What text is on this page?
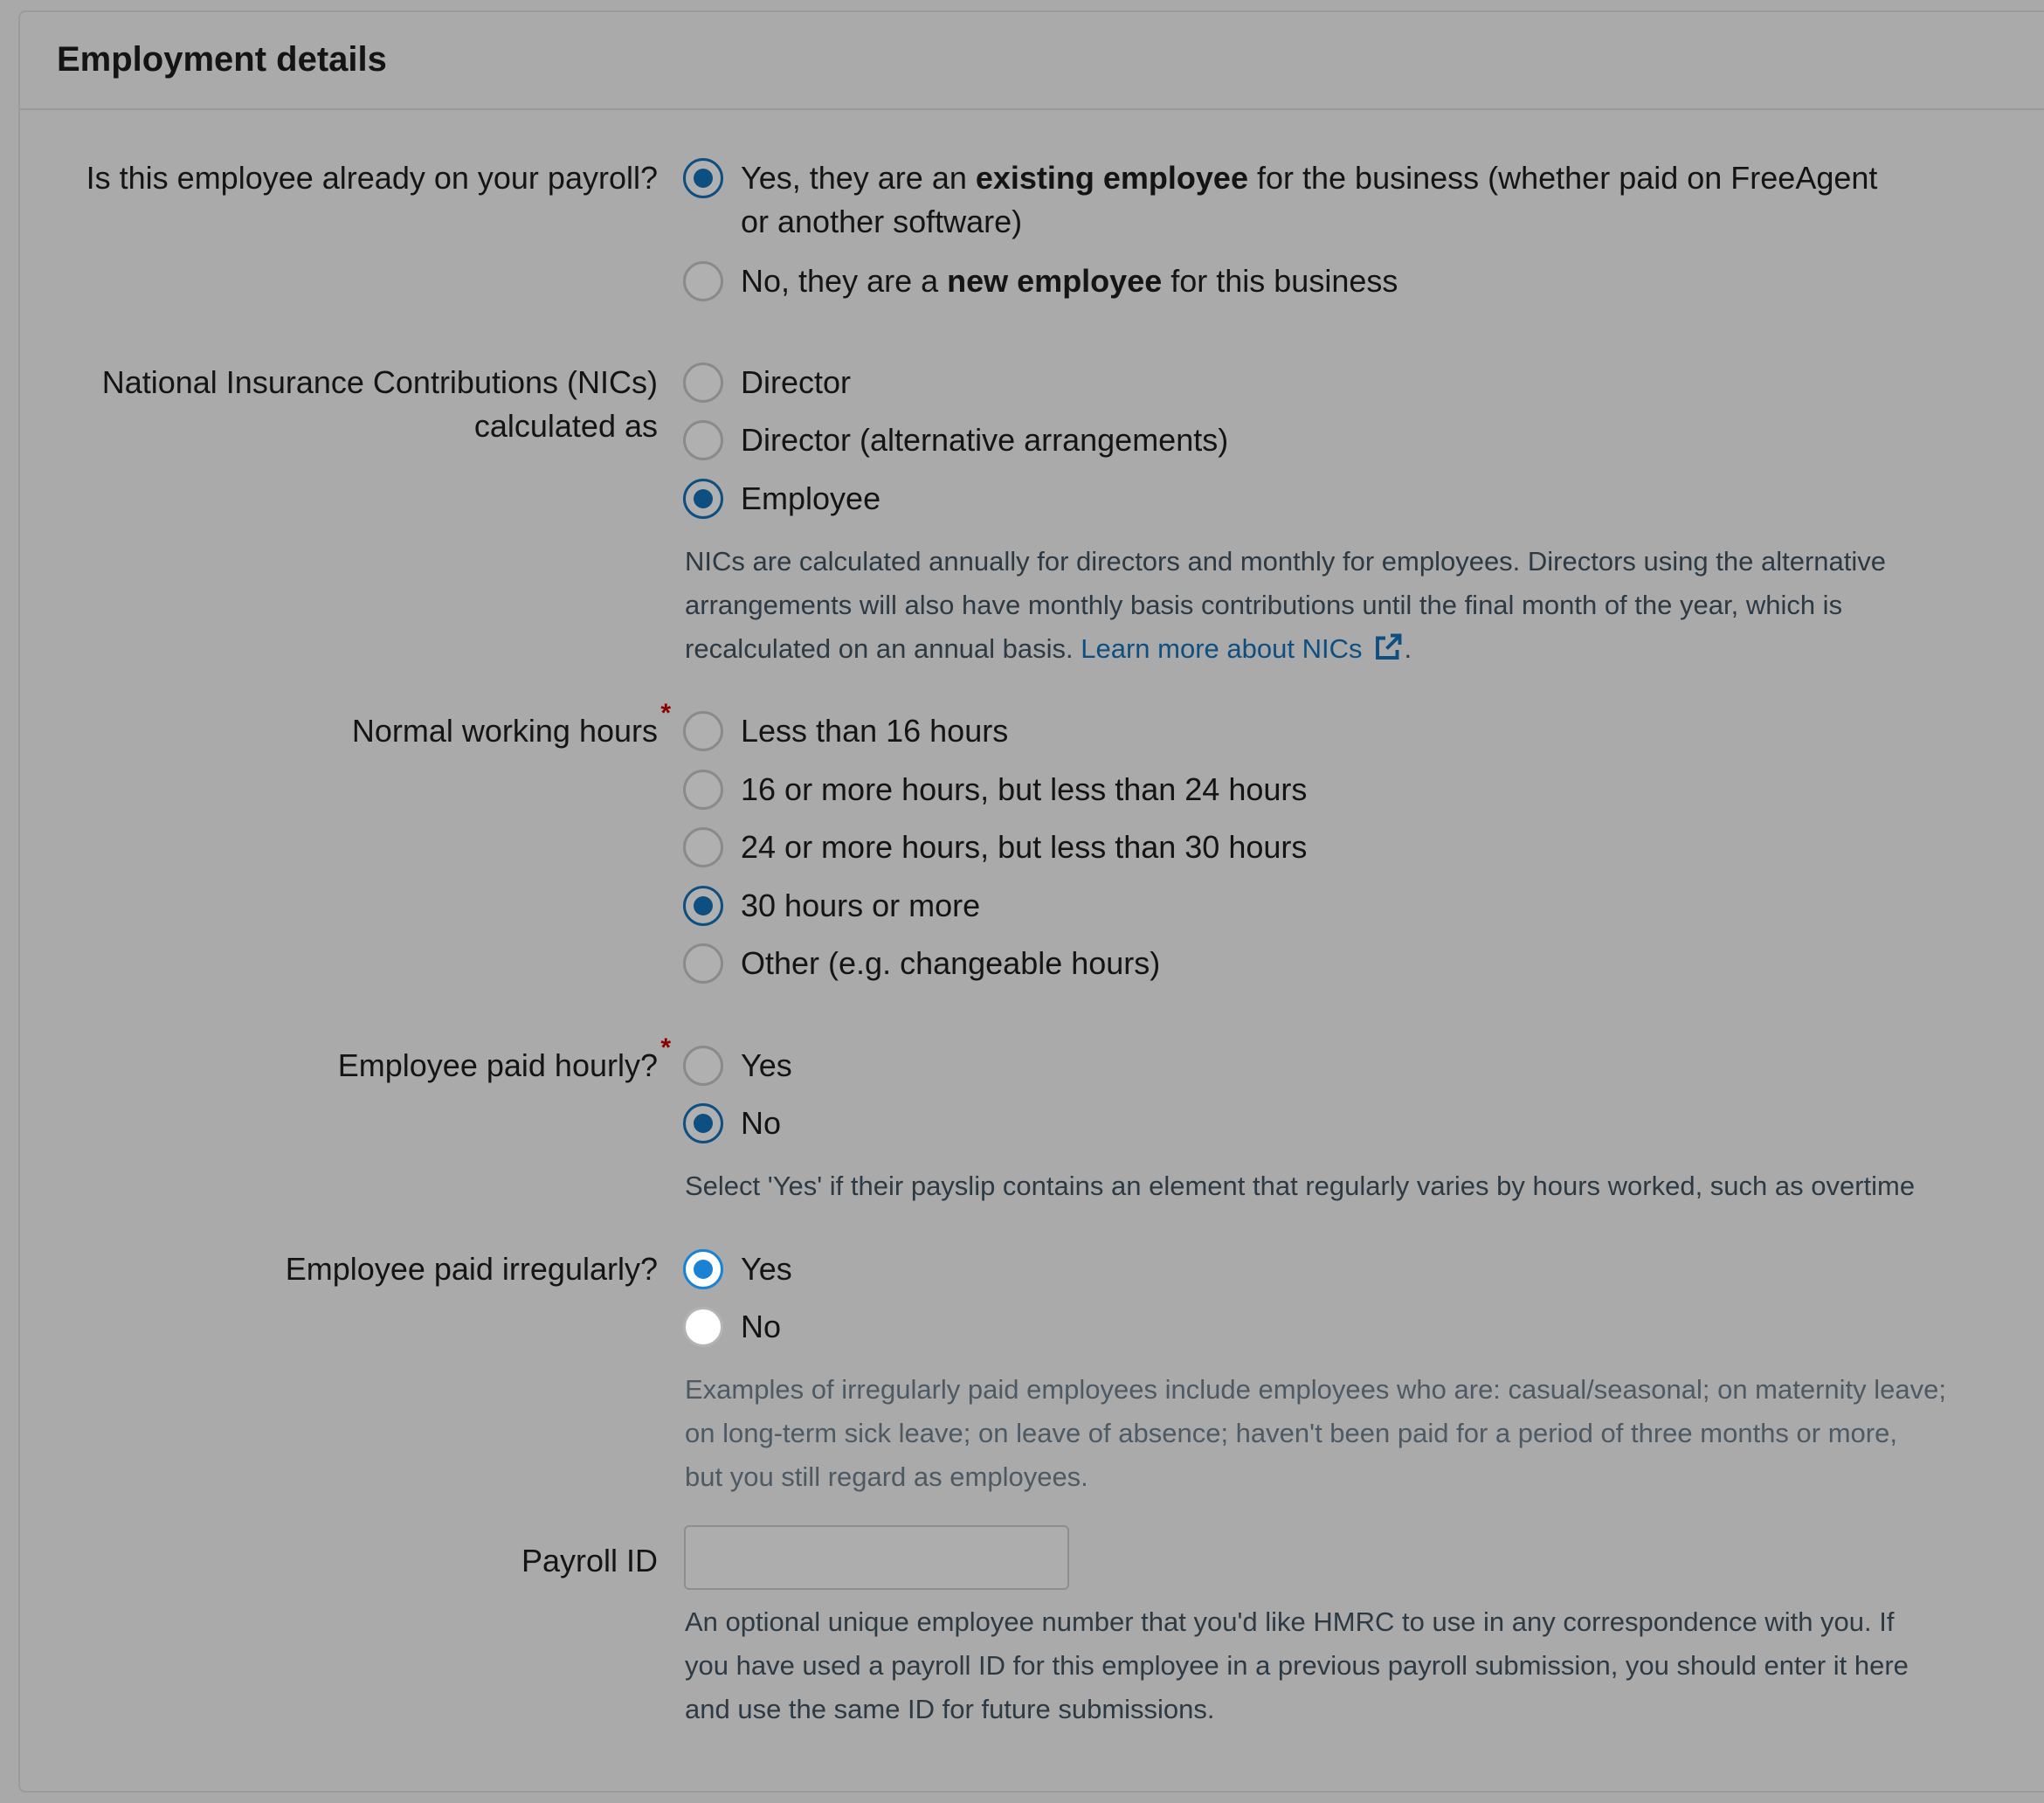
Employment details
Is this employee already on your payroll?	Yes, they are an existing employee for the business (whether paid on FreeAgent
or another software)
No, they are a new employee for this business
National Insurance Contributions (NICs)
calculated as
Director
Director (alternative arrangements)
Employee
NICs are calculated annually for directors and monthly for employees. Directors using the alternative
arrangements will also have monthly basis contributions until the final month of the year, which is
recalculated on an annual basis. Learn more about NICs .
Normal working hours * Less than 16 hours
16 or more hours, but less than 24 hours
24 or more hours, but less than 30 hours
30 hours or more
Other (e.g. changeable hours)
Employee paid hourly? * Yes
No
Select 'Yes' if their payslip contains an element that regularly varies by hours worked, such as overtime
Employee paid irregularly?	Yes
No
Examples of irregularly paid employees include employees who are: casual/seasonal; on maternity leave;
on long-term sick leave; on leave of absence; haven't been paid for a period of three months or more,
but you still regard as employees.
Payroll ID
An optional unique employee number that you'd like HMRC to use in any correspondence with you. If
you have used a payroll ID for this employee in a previous payroll submission, you should enter it here
and use the same ID for future submissions.
